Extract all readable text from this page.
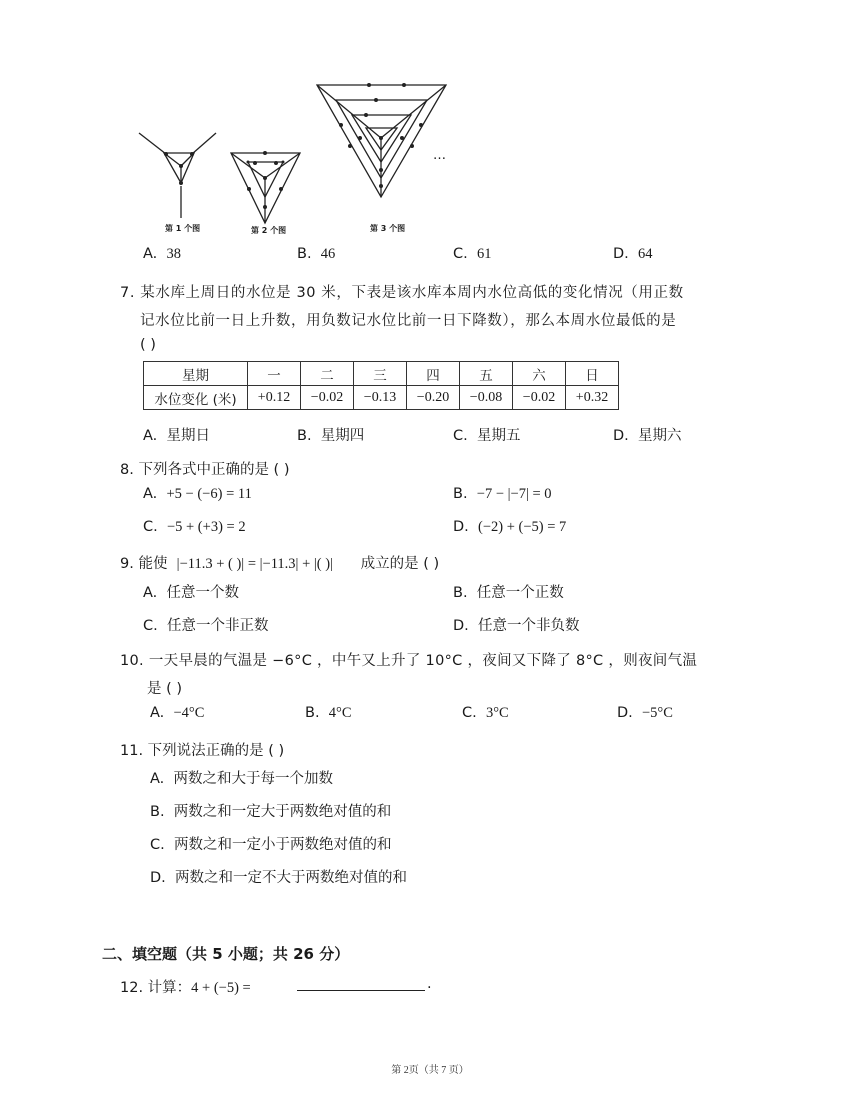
…
第 1 个图	第 2 个图	第 3 个图
A. 38	B. 46	C. 61	D. 64
7. 某水库上周日的水位是 30 米，下表是该水库本周内水位高低的变化情况（用正数
记水位比前一日上升数，用负数记水位比前一日下降数），那么本周水位最低的是
( )
星期	一	二	三	四	五	六	日
水位变化 (米)	+0.12	−0.02	−0.13	−0.20	−0.08	−0.02	+0.32
A. 星期日	B. 星期四	C. 星期五	D. 星期六
8. 下列各式中正确的是 ( )
A. +5 − (−6) = 11	B. −7 − |−7| = 0
C. −5 + (+3) = 2	D. (−2) + (−5) = 7
9. 能使 |−11.3 + ( )| = |−11.3| + |( )| 成立的是 ( )
A. 任意一个数	B. 任意一个正数
C. 任意一个非正数	D. 任意一个非负数
10. 一天早晨的气温是 −6°C ，中午又上升了 10°C ，夜间又下降了 8°C ，则夜间气温
是 ( )
A. −4°C	B. 4°C	C. 3°C	D. −5°C
11. 下列说法正确的是 ( )
A. 两数之和大于每一个加数
B. 两数之和一定大于两数绝对值的和
C. 两数之和一定小于两数绝对值的和
D. 两数之和一定不大于两数绝对值的和
二、填空题（共 5 小题；共 26 分）
12. 计算：4 + (−5) =	.
第 2页（共 7 页）
